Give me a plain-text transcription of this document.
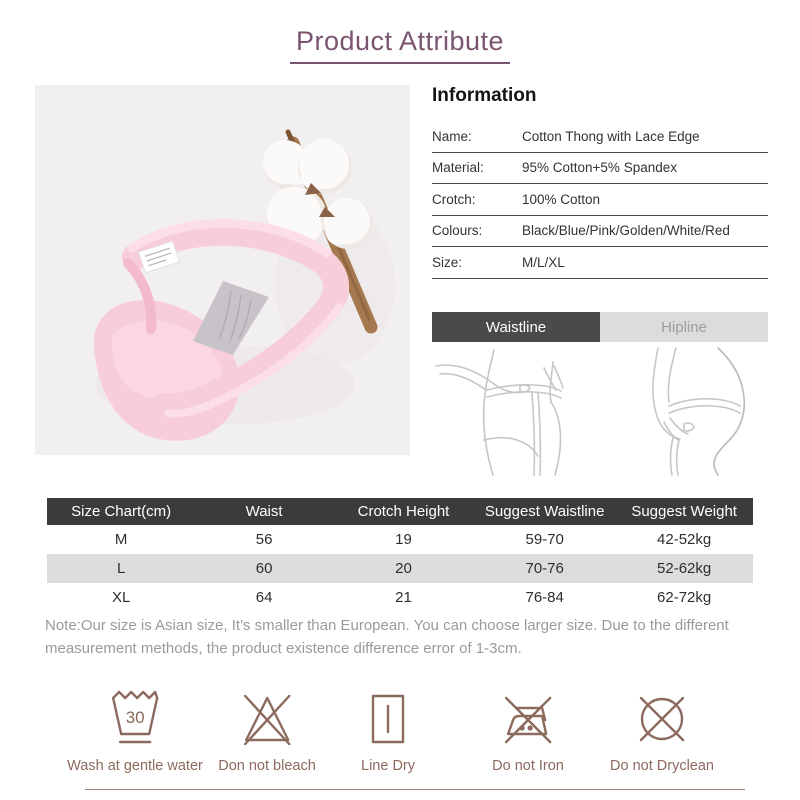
Product Attribute
Information
Name:	Cotton Thong with Lace Edge
Material:	95% Cotton+5% Spandex
Crotch:	100% Cotton
Colours:	Black/Blue/Pink/Golden/White/Red
Size:	M/L/XL
Waistline	Hipline
Size Chart(cm)	Waist	Crotch Height	Suggest Waistline	Suggest Weight
M	56	19	59-70	42-52kg
L	60	20	70-76	52-62kg
XL	64	21	76-84	62-72kg
Note:Our size is Asian size, It's smaller than European. You can choose larger size. Due to the different measurement methods, the product existence difference error of 1-3cm.
30
Wash at gentle water Don not bleach	Line Dry	Do not Iron	Do not Dryclean
